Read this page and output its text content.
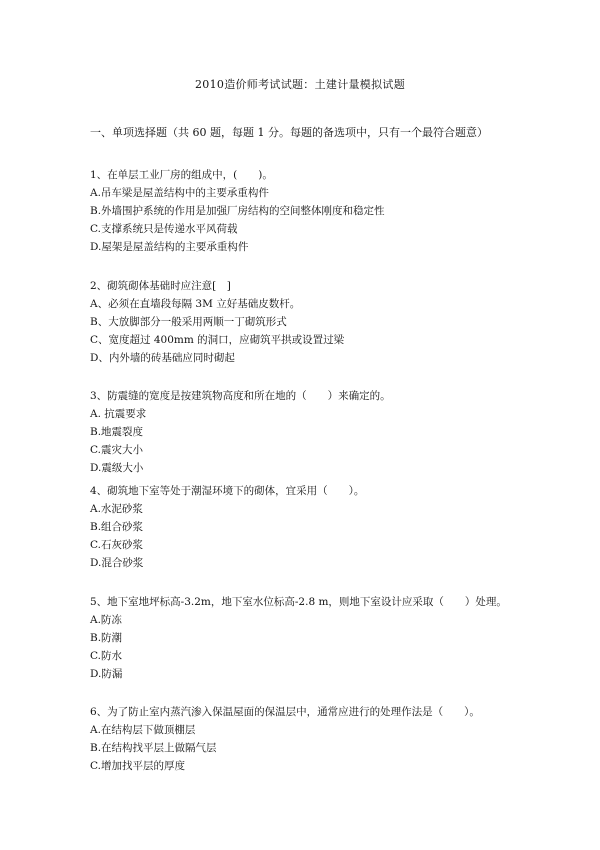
2010造价师考试试题：土建计量模拟试题
一、单项选择题（共 60 题，每题 1 分。每题的备选项中，只有一个最符合题意）
1、在单层工业厂房的组成中，(　　)。
A.吊车梁是屋盖结构中的主要承重构件
B.外墙围护系统的作用是加强厂房结构的空间整体刚度和稳定性
C.支撑系统只是传递水平风荷载
D.屋架是屋盖结构的主要承重构件
2、砌筑砌体基础时应注意[　]
A、必须在直墙段每隔 3M 立好基础皮数杆。
B、大放脚部分一般采用两顺一丁砌筑形式
C、宽度超过 400mm 的洞口，应砌筑平拱或设置过梁
D、内外墙的砖基础应同时砌起
3、防震缝的宽度是按建筑物高度和所在地的（　　）来确定的。
A. 抗震要求
B.地震裂度
C.震灾大小
D.震级大小
4、砌筑地下室等处于潮湿环境下的砌体，宜采用（　　）。
A.水泥砂浆
B.组合砂浆
C.石灰砂浆
D.混合砂浆
5、地下室地坪标高-3.2m，地下室水位标高-2.8 m，则地下室设计应采取（　　）处理。
A.防冻
B.防潮
C.防水
D.防漏
6、为了防止室内蒸汽渗入保温屋面的保温层中，通常应进行的处理作法是（　　）。
A.在结构层下做顶棚层
B.在结构找平层上做隔气层
C.增加找平层的厚度
